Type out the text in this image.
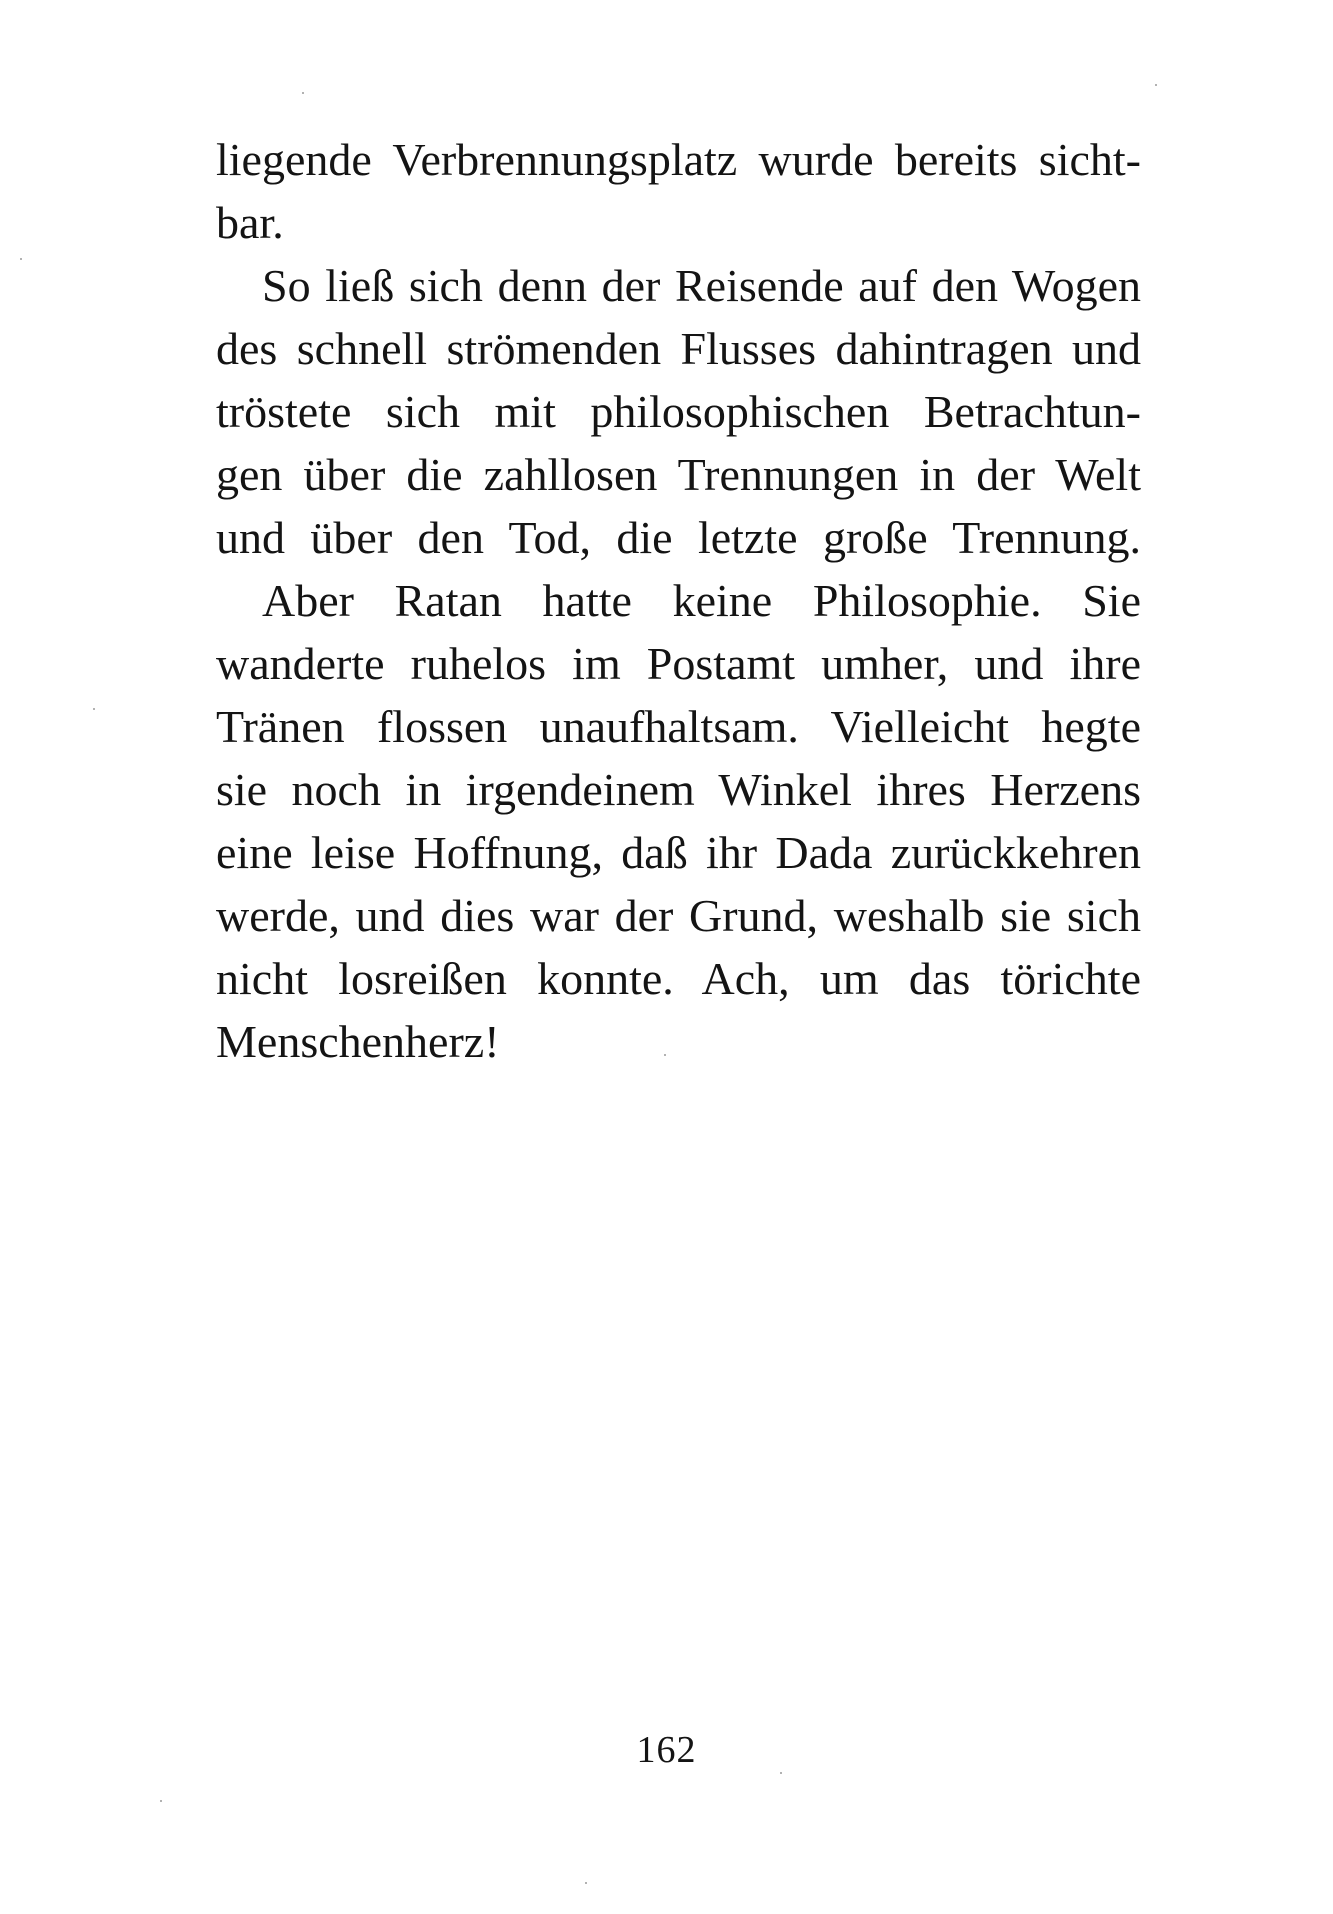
liegende Verbrennungsplatz wurde bereits sicht-
bar.
So ließ sich denn der Reisende auf den Wogen
des schnell strömenden Flusses dahintragen und
tröstete sich mit philosophischen Betrachtun-
gen über die zahllosen Trennungen in der Welt
und über den Tod, die letzte große Trennung.
Aber Ratan hatte keine Philosophie. Sie
wanderte ruhelos im Postamt umher, und ihre
Tränen flossen unaufhaltsam. Vielleicht hegte
sie noch in irgendeinem Winkel ihres Herzens
eine leise Hoffnung, daß ihr Dada zurückkehren
werde, und dies war der Grund, weshalb sie sich
nicht losreißen konnte. Ach, um das törichte
Menschenherz!
162
